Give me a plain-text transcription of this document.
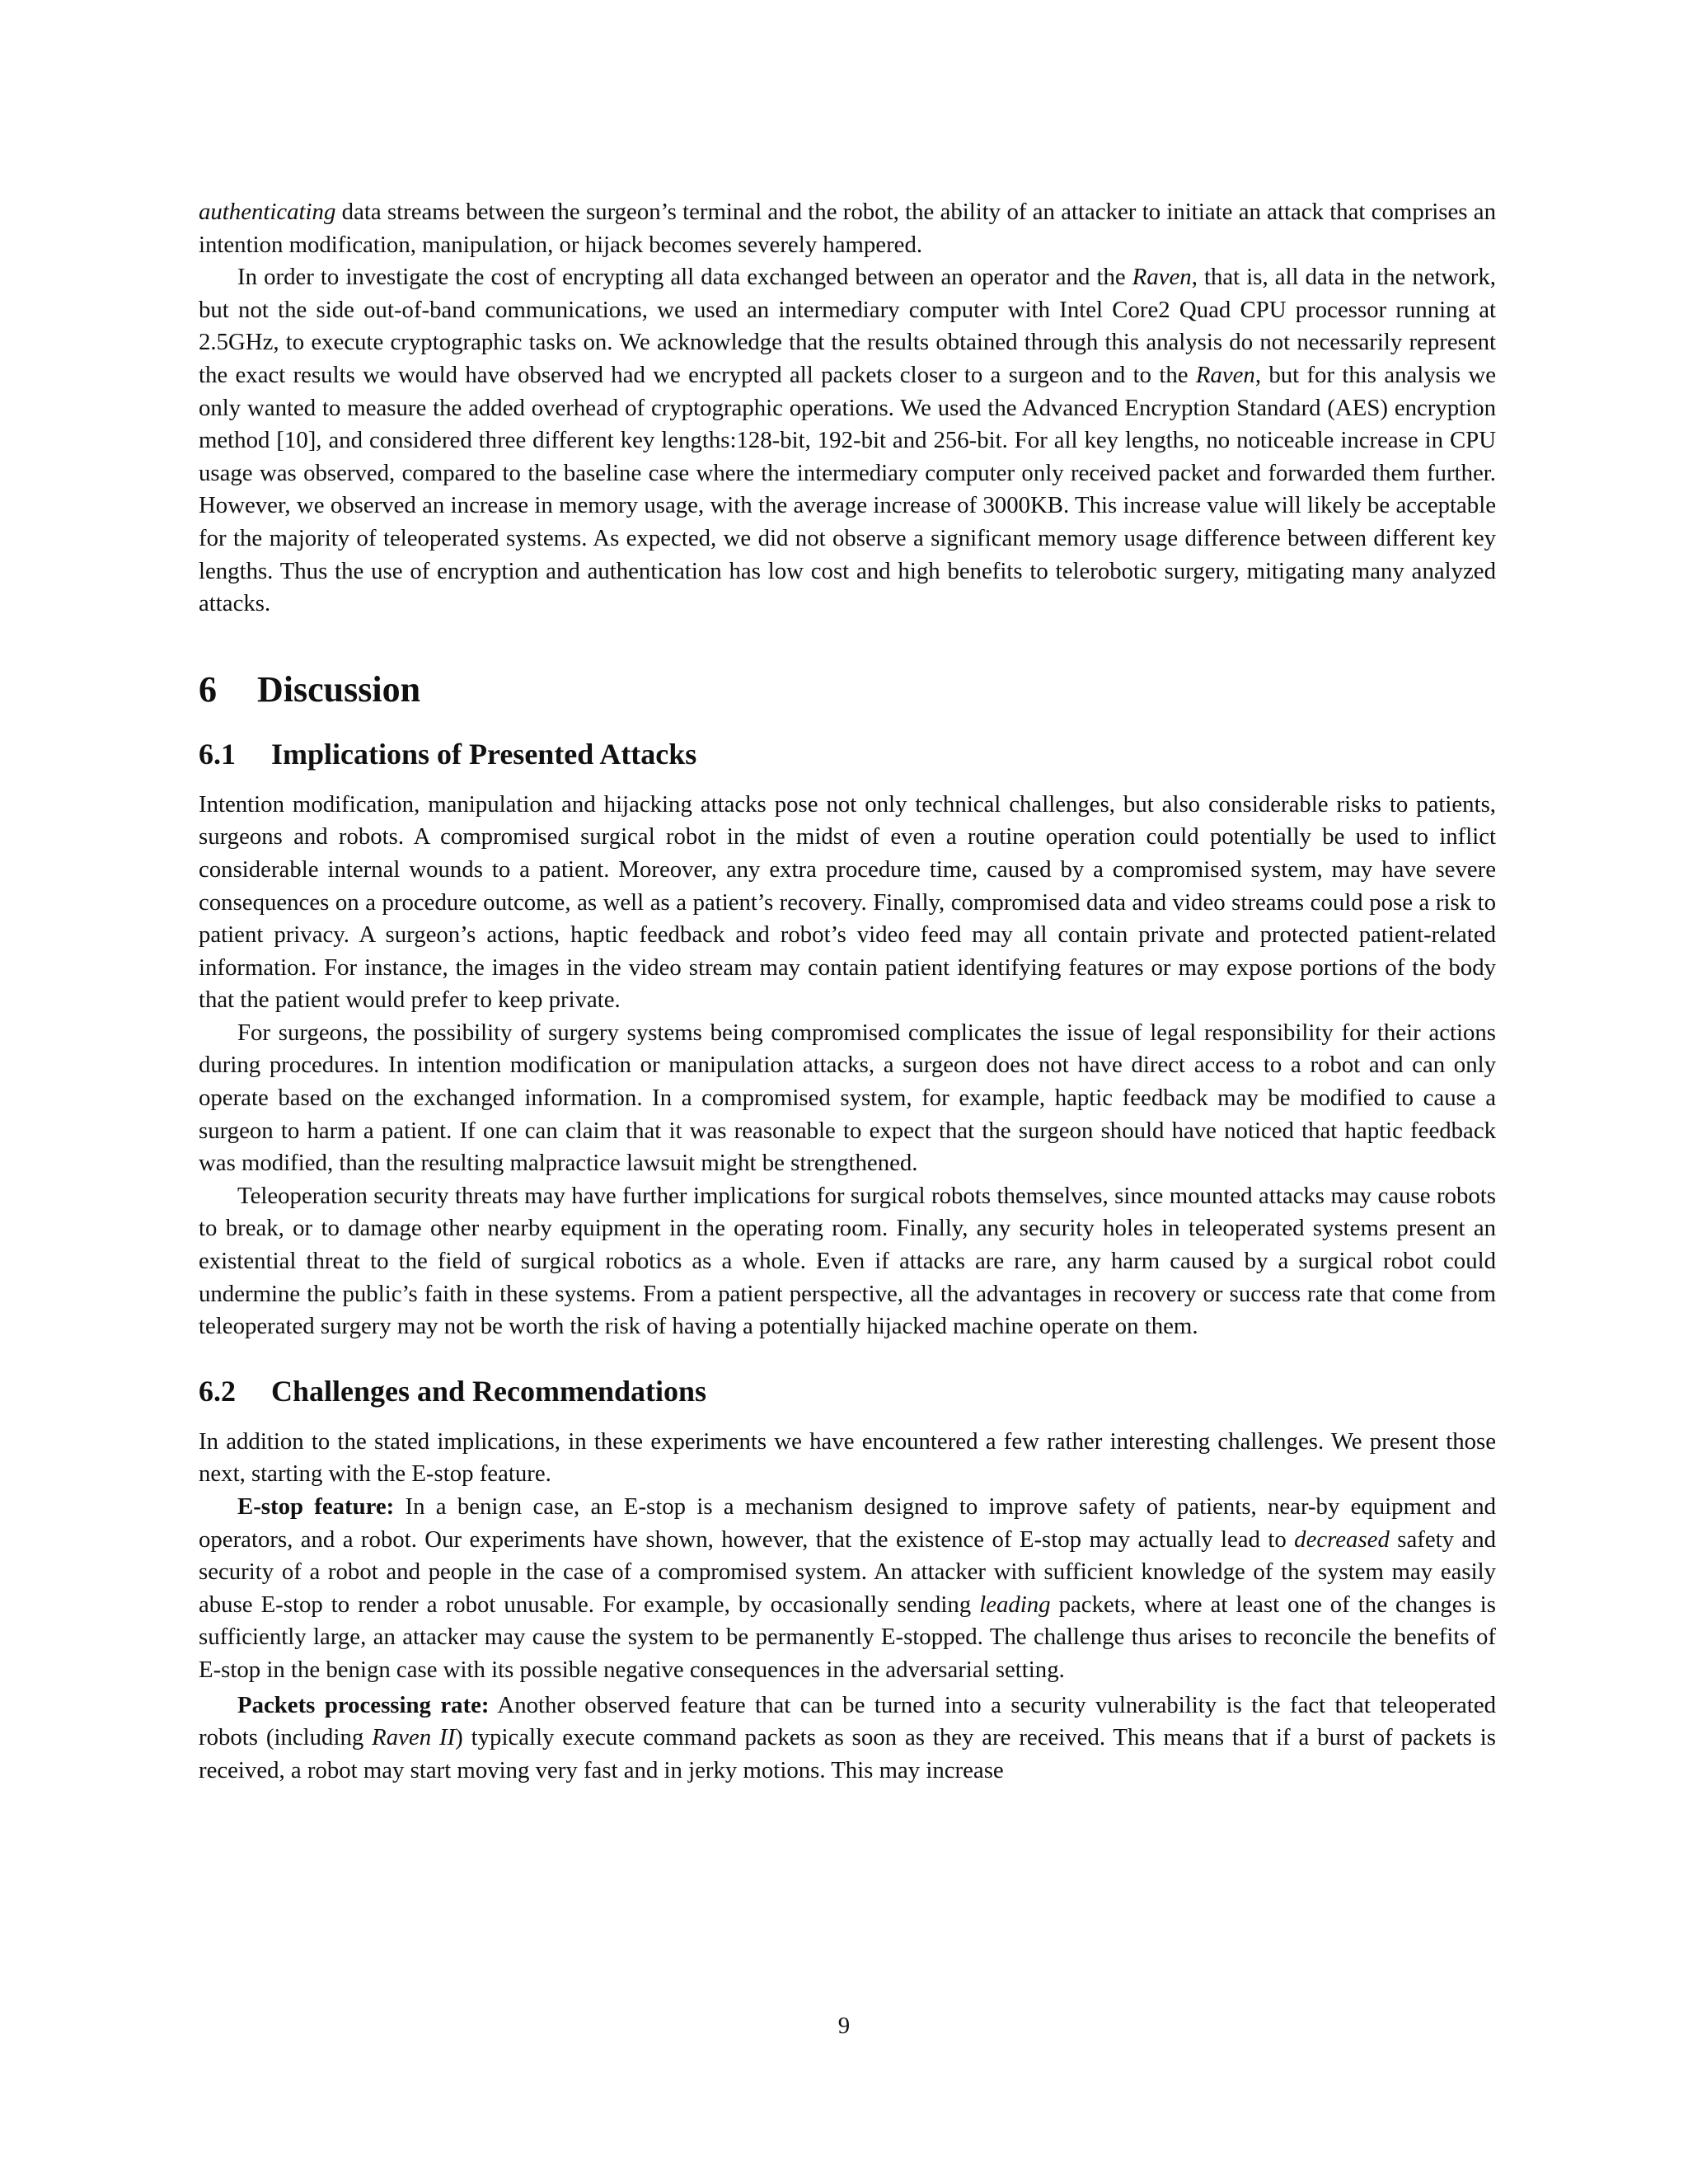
authenticating data streams between the surgeon’s terminal and the robot, the ability of an attacker to initiate an attack that comprises an intention modification, manipulation, or hijack becomes severely hampered.

In order to investigate the cost of encrypting all data exchanged between an operator and the Raven, that is, all data in the network, but not the side out-of-band communications, we used an intermediary computer with Intel Core2 Quad CPU processor running at 2.5GHz, to execute cryptographic tasks on. We acknowledge that the results obtained through this analysis do not necessarily represent the exact results we would have observed had we encrypted all packets closer to a surgeon and to the Raven, but for this analysis we only wanted to measure the added overhead of cryptographic operations. We used the Advanced Encryption Standard (AES) encryption method [10], and considered three different key lengths:128-bit, 192-bit and 256-bit. For all key lengths, no noticeable increase in CPU usage was observed, compared to the baseline case where the intermediary computer only received packet and forwarded them further. However, we observed an increase in memory usage, with the average increase of 3000KB. This increase value will likely be acceptable for the majority of teleoperated systems. As expected, we did not observe a significant memory usage difference between different key lengths. Thus the use of encryption and authentication has low cost and high benefits to telerobotic surgery, mitigating many analyzed attacks.

6	Discussion
6.1	Implications of Presented Attacks

Intention modification, manipulation and hijacking attacks pose not only technical challenges, but also considerable risks to patients, surgeons and robots. A compromised surgical robot in the midst of even a routine operation could potentially be used to inflict considerable internal wounds to a patient. Moreover, any extra procedure time, caused by a compromised system, may have severe consequences on a procedure outcome, as well as a patient’s recovery. Finally, compromised data and video streams could pose a risk to patient privacy. A surgeon’s actions, haptic feedback and robot’s video feed may all contain private and protected patient-related information. For instance, the images in the video stream may contain patient identifying features or may expose portions of the body that the patient would prefer to keep private.

For surgeons, the possibility of surgery systems being compromised complicates the issue of legal responsibility for their actions during procedures. In intention modification or manipulation attacks, a surgeon does not have direct access to a robot and can only operate based on the exchanged information. In a compromised system, for example, haptic feedback may be modified to cause a surgeon to harm a patient. If one can claim that it was reasonable to expect that the surgeon should have noticed that haptic feedback was modified, than the resulting malpractice lawsuit might be strengthened.

Teleoperation security threats may have further implications for surgical robots themselves, since mounted attacks may cause robots to break, or to damage other nearby equipment in the operating room. Finally, any security holes in teleoperated systems present an existential threat to the field of surgical robotics as a whole. Even if attacks are rare, any harm caused by a surgical robot could undermine the public’s faith in these systems. From a patient perspective, all the advantages in recovery or success rate that come from teleoperated surgery may not be worth the risk of having a potentially hijacked machine operate on them.

6.2	Challenges and Recommendations

In addition to the stated implications, in these experiments we have encountered a few rather interesting challenges. We present those next, starting with the E-stop feature.

E-stop feature: In a benign case, an E-stop is a mechanism designed to improve safety of patients, near-by equipment and operators, and a robot. Our experiments have shown, however, that the existence of E-stop may actually lead to decreased safety and security of a robot and people in the case of a compromised system. An attacker with sufficient knowledge of the system may easily abuse E-stop to render a robot unusable. For example, by occasionally sending leading packets, where at least one of the changes is sufficiently large, an attacker may cause the system to be permanently E-stopped. The challenge thus arises to reconcile the benefits of E-stop in the benign case with its possible negative consequences in the adversarial setting.

Packets processing rate: Another observed feature that can be turned into a security vulnerability is the fact that teleoperated robots (including Raven II) typically execute command packets as soon as they are received. This means that if a burst of packets is received, a robot may start moving very fast and in jerky motions. This may increase

9
